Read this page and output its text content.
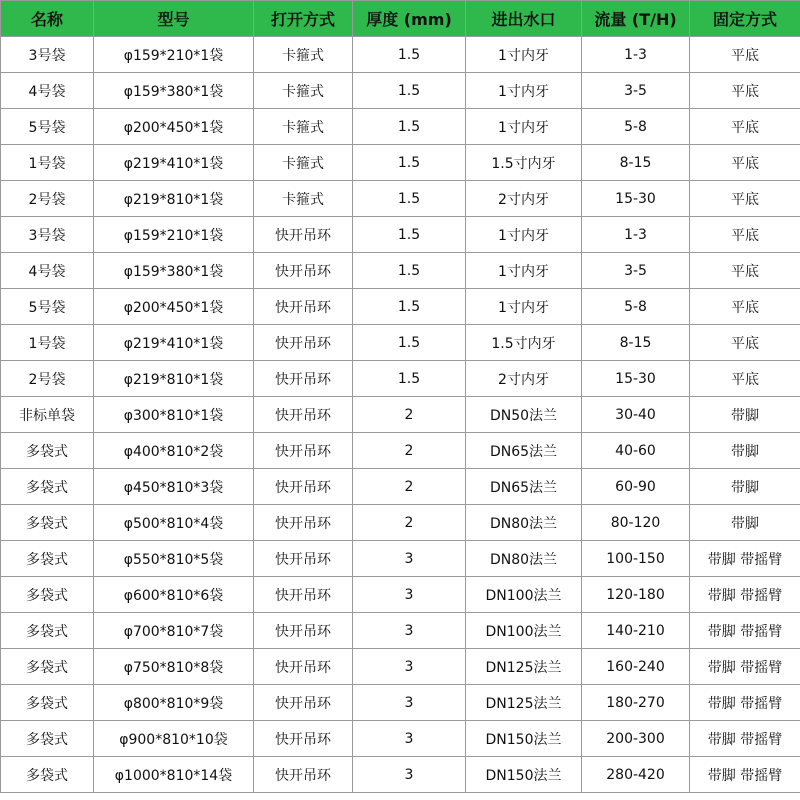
名称	型号	打开方式	厚度 (mm)	进出水口	流量 (T/H)	固定方式
3号袋	φ159*210*1袋	卡箍式	1.5	1寸内牙	1-3	平底
4号袋	φ159*380*1袋	卡箍式	1.5	1寸内牙	3-5	平底
5号袋	φ200*450*1袋	卡箍式	1.5	1寸内牙	5-8	平底
1号袋	φ219*410*1袋	卡箍式	1.5	1.5寸内牙	8-15	平底
2号袋	φ219*810*1袋	卡箍式	1.5	2寸内牙	15-30	平底
3号袋	φ159*210*1袋	快开吊环	1.5	1寸内牙	1-3	平底
4号袋	φ159*380*1袋	快开吊环	1.5	1寸内牙	3-5	平底
5号袋	φ200*450*1袋	快开吊环	1.5	1寸内牙	5-8	平底
1号袋	φ219*410*1袋	快开吊环	1.5	1.5寸内牙	8-15	平底
2号袋	φ219*810*1袋	快开吊环	1.5	2寸内牙	15-30	平底
非标单袋	φ300*810*1袋	快开吊环	2	DN50法兰	30-40	带脚
多袋式	φ400*810*2袋	快开吊环	2	DN65法兰	40-60	带脚
多袋式	φ450*810*3袋	快开吊环	2	DN65法兰	60-90	带脚
多袋式	φ500*810*4袋	快开吊环	2	DN80法兰	80-120	带脚
多袋式	φ550*810*5袋	快开吊环	3	DN80法兰	100-150	带脚 带摇臂
多袋式	φ600*810*6袋	快开吊环	3	DN100法兰	120-180	带脚 带摇臂
多袋式	φ700*810*7袋	快开吊环	3	DN100法兰	140-210	带脚 带摇臂
多袋式	φ750*810*8袋	快开吊环	3	DN125法兰	160-240	带脚 带摇臂
多袋式	φ800*810*9袋	快开吊环	3	DN125法兰	180-270	带脚 带摇臂
多袋式	φ900*810*10袋	快开吊环	3	DN150法兰	200-300	带脚 带摇臂
多袋式	φ1000*810*14袋	快开吊环	3	DN150法兰	280-420	带脚 带摇臂
